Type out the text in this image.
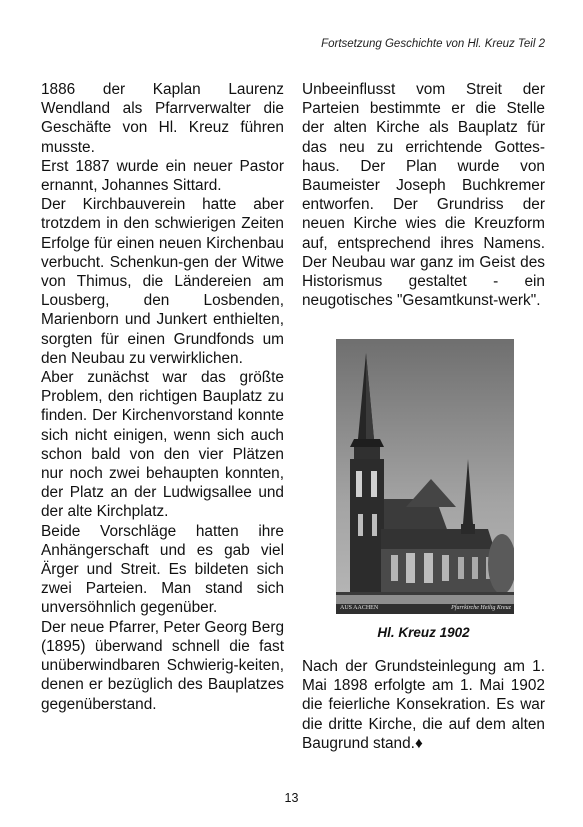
Fortsetzung Geschichte von Hl. Kreuz Teil 2

1886 der Kaplan Laurenz Wendland als Pfarrverwalter die Geschäfte von Hl. Kreuz führen musste.

Erst 1887 wurde ein neuer Pastor ernannt, Johannes Sittard.

Der Kirchbauverein hatte aber trotzdem in den schwierigen Zeiten Erfolge für einen neuen Kirchenbau verbucht. Schenkun-gen der Witwe von Thimus, die Ländereien am Lousberg, den Losbenden, Marienborn und Junkert enthielten, sorgten für einen Grundfonds um den Neubau zu verwirklichen.

Aber zunächst war das größte Problem, den richtigen Bauplatz zu finden. Der Kirchenvorstand konnte sich nicht einigen, wenn sich auch schon bald von den vier Plätzen nur noch zwei behaupten konnten, der Platz an der Ludwigsallee und der alte Kirchplatz.

Beide Vorschläge hatten ihre Anhängerschaft und es gab viel Ärger und Streit. Es bildeten sich zwei Parteien. Man stand sich unversöhnlich gegenüber.

Der neue Pfarrer, Peter Georg Berg (1895) überwand schnell die fast unüberwindbaren Schwierig-keiten, denen er bezüglich des Bauplatzes gegenüberstand.

Unbeeinflusst vom Streit der Parteien bestimmte er die Stelle der alten Kirche als Bauplatz für das neu zu errichtende Gottes-haus. Der Plan wurde von Baumeister Joseph Buchkremer entworfen. Der Grundriss der neuen Kirche wies die Kreuzform auf, entsprechend ihres Namens. Der Neubau war ganz im Geist des Historismus gestaltet - ein neugotisches "Gesamtkunst-werk".

AUS AACHEN	Pfarrkirche Heilig Kreuz
Hl. Kreuz 1902

Nach der Grundsteinlegung am 1. Mai 1898 erfolgte am 1. Mai 1902 die feierliche Konsekration. Es war die dritte Kirche, die auf dem alten Baugrund stand.♦

13
